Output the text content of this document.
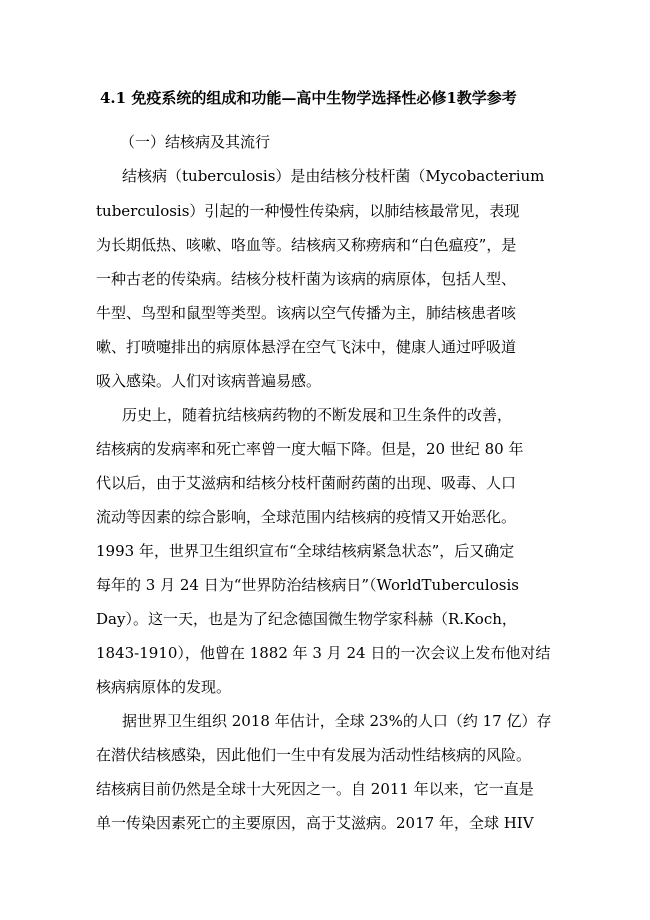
4.1 免疫系统的组成和功能—高中生物学选择性必修1教学参考

（一）结核病及其流行

结核病（tuberculosis）是由结核分枝杆菌（Mycobacterium

tuberculosis）引起的一种慢性传染病，以肺结核最常见，表现

为长期低热、咳嗽、咯血等。结核病又称痨病和“白色瘟疫”，是

一种古老的传染病。结核分枝杆菌为该病的病原体，包括人型、

牛型、鸟型和鼠型等类型。该病以空气传播为主，肺结核患者咳

嗽、打喷嚏排出的病原体悬浮在空气飞沫中，健康人通过呼吸道

吸入感染。人们对该病普遍易感。

历史上，随着抗结核病药物的不断发展和卫生条件的改善，

结核病的发病率和死亡率曾一度大幅下降。但是，20 世纪 80 年

代以后，由于艾滋病和结核分枝杆菌耐药菌的出现、吸毒、人口

流动等因素的综合影响，全球范围内结核病的疫情又开始恶化。

1993 年，世界卫生组织宣布“全球结核病紧急状态”，后又确定

每年的 3 月 24 日为“世界防治结核病日”（WorldTuberculosis

Day）。这一天，也是为了纪念德国微生物学家科赫（R.Koch，

1843-1910），他曾在 1882 年 3 月 24 日的一次会议上发布他对结

核病病原体的发现。

据世界卫生组织 2018 年估计，全球 23%的人口（约 17 亿）存

在潜伏结核感染，因此他们一生中有发展为活动性结核病的风险。

结核病目前仍然是全球十大死因之一。自 2011 年以来，它一直是

单一传染因素死亡的主要原因，高于艾滋病。2017 年，全球 HIV
